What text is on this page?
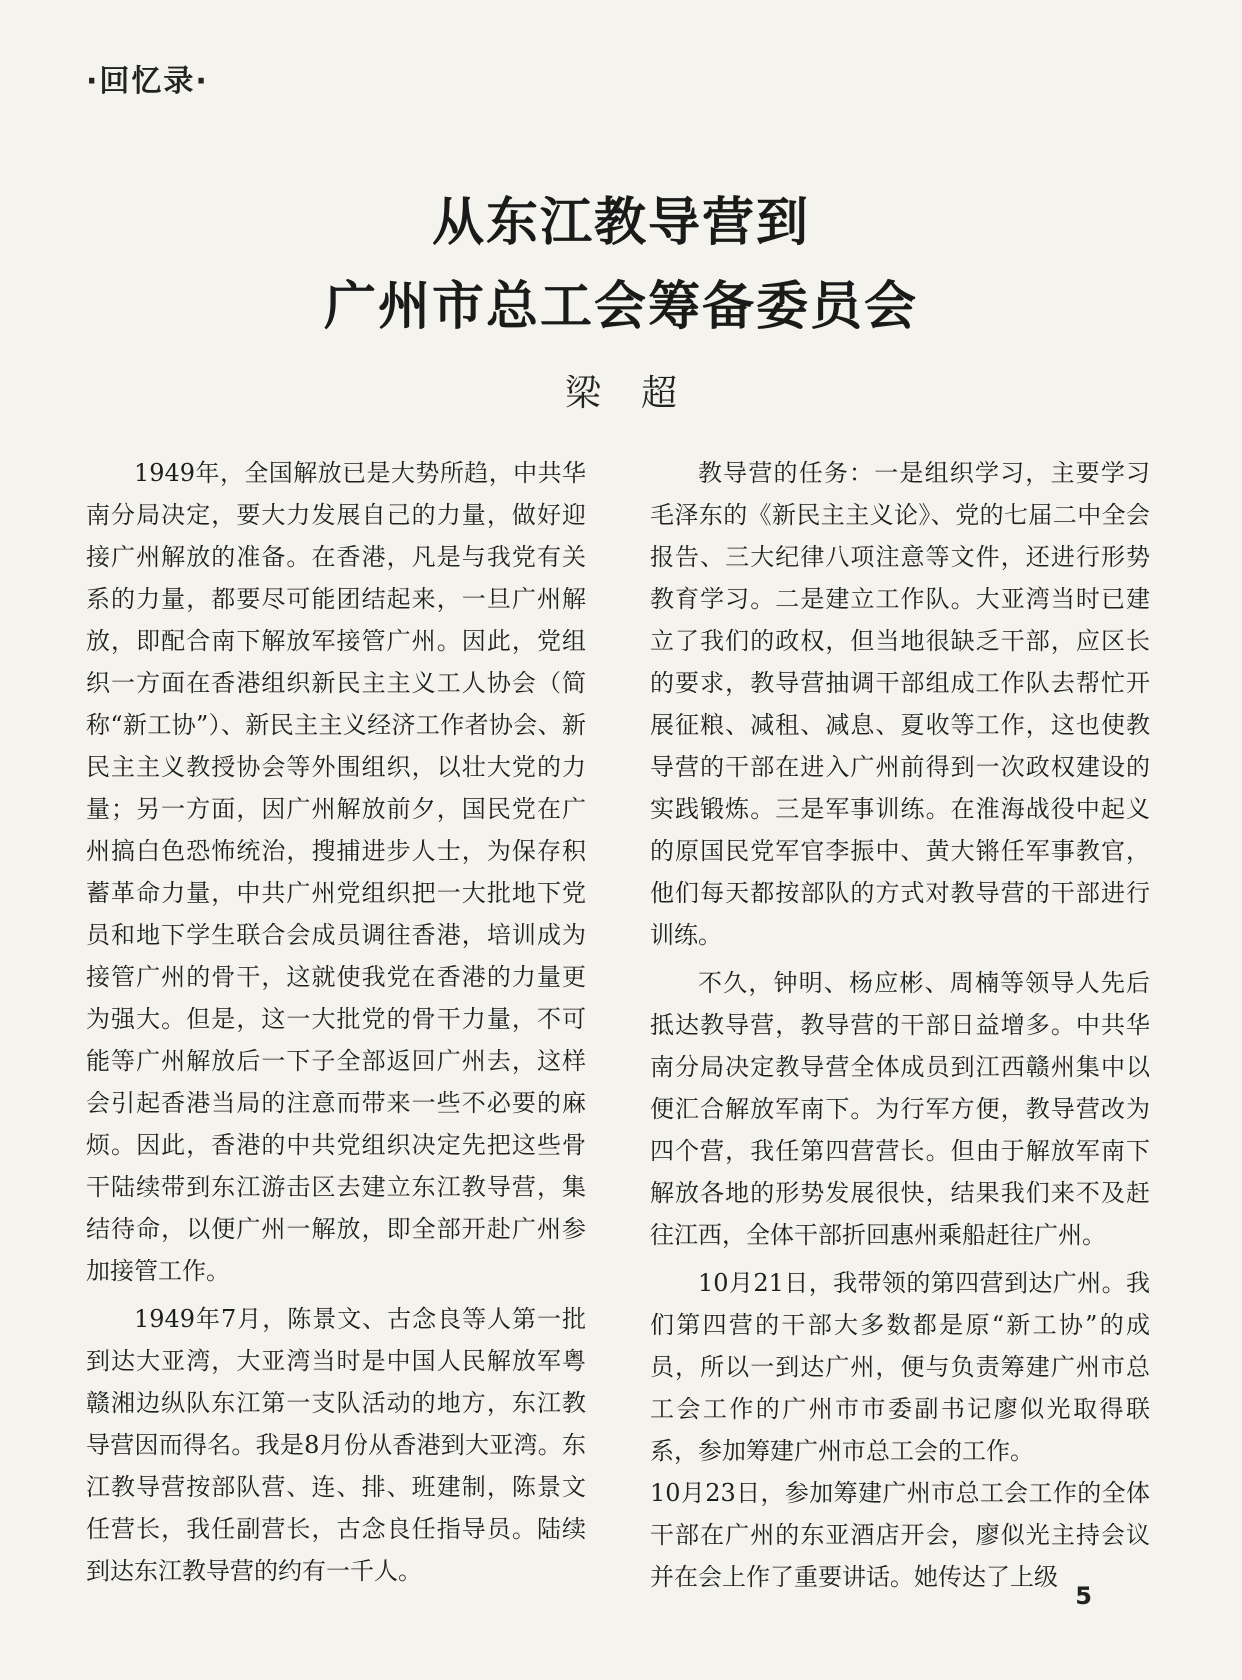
·回忆录·
从东江教导营到
广州市总工会筹备委员会
梁超

1949年，全国解放已是大势所趋，中共华南分局决定，要大力发展自己的力量，做好迎接广州解放的准备。在香港，凡是与我党有关系的力量，都要尽可能团结起来，一旦广州解放，即配合南下解放军接管广州。因此，党组织一方面在香港组织新民主主义工人协会（简称“新工协”）、新民主主义经济工作者协会、新民主主义教授协会等外围组织，以壮大党的力量；另一方面，因广州解放前夕，国民党在广州搞白色恐怖统治，搜捕进步人士，为保存积蓄革命力量，中共广州党组织把一大批地下党员和地下学生联合会成员调往香港，培训成为接管广州的骨干，这就使我党在香港的力量更为强大。但是，这一大批党的骨干力量，不可能等广州解放后一下子全部返回广州去，这样会引起香港当局的注意而带来一些不必要的麻烦。因此，香港的中共党组织决定先把这些骨干陆续带到东江游击区去建立东江教导营，集结待命，以便广州一解放，即全部开赴广州参加接管工作。

1949年7月，陈景文、古念良等人第一批到达大亚湾，大亚湾当时是中国人民解放军粤赣湘边纵队东江第一支队活动的地方，东江教导营因而得名。我是8月份从香港到大亚湾。东江教导营按部队营、连、排、班建制，陈景文任营长，我任副营长，古念良任指导员。陆续到达东江教导营的约有一千人。

教导营的任务：一是组织学习，主要学习毛泽东的《新民主主义论》、党的七届二中全会报告、三大纪律八项注意等文件，还进行形势教育学习。二是建立工作队。大亚湾当时已建立了我们的政权，但当地很缺乏干部，应区长的要求，教导营抽调干部组成工作队去帮忙开展征粮、减租、减息、夏收等工作，这也使教导营的干部在进入广州前得到一次政权建设的实践锻炼。三是军事训练。在淮海战役中起义的原国民党军官李振中、黄大锵任军事教官，他们每天都按部队的方式对教导营的干部进行训练。

不久，钟明、杨应彬、周楠等领导人先后抵达教导营，教导营的干部日益增多。中共华南分局决定教导营全体成员到江西赣州集中以便汇合解放军南下。为行军方便，教导营改为四个营，我任第四营营长。但由于解放军南下解放各地的形势发展很快，结果我们来不及赶往江西，全体干部折回惠州乘船赶往广州。

10月21日，我带领的第四营到达广州。我们第四营的干部大多数都是原“新工协”的成员，所以一到达广州，便与负责筹建广州市总工会工作的广州市市委副书记廖似光取得联系，参加筹建广州市总工会的工作。

10月23日，参加筹建广州市总工会工作的全体干部在广州的东亚酒店开会，廖似光主持会议并在会上作了重要讲话。她传达了上级

5
